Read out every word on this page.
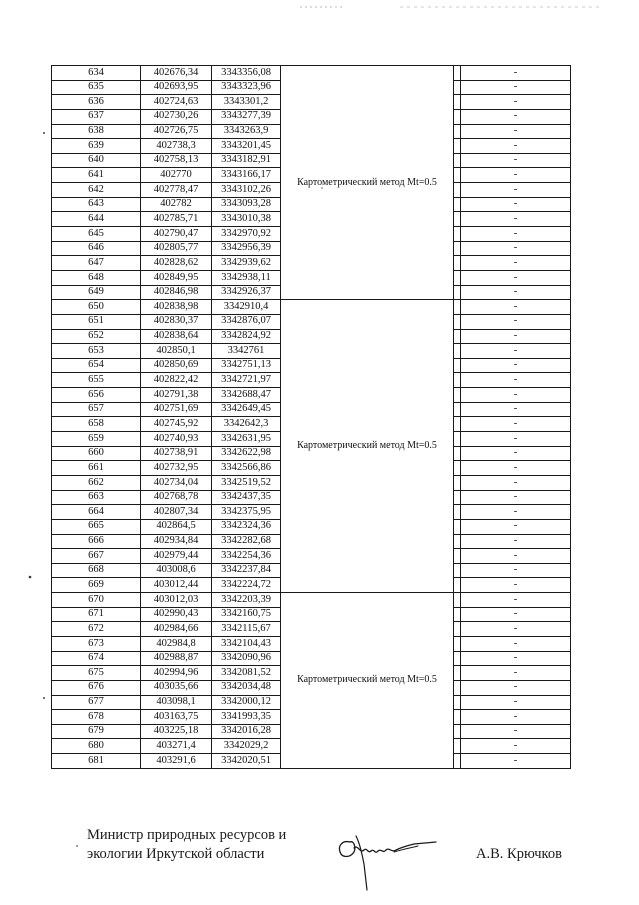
634	402676,34	3343356,08	Картометрический метод Mt=0.5		-
635	402693,95	3343323,96			-
636	402724,63	3343301,2			-
637	402730,26	3343277,39			-
638	402726,75	3343263,9			-
639	402738,3	3343201,45			-
640	402758,13	3343182,91			-
641	402770	3343166,17			-
642	402778,47	3343102,26			-
643	402782	3343093,28			-
644	402785,71	3343010,38			-
645	402790,47	3342970,92			-
646	402805,77	3342956,39			-
647	402828,62	3342939,62			-
648	402849,95	3342938,11			-
649	402846,98	3342926,37			-
650	402838,98	3342910,4	Картометрический метод Mt=0.5		-
651	402830,37	3342876,07			-
652	402838,64	3342824,92			-
653	402850,1	3342761			-
654	402850,69	3342751,13			-
655	402822,42	3342721,97			-
656	402791,38	3342688,47			-
657	402751,69	3342649,45			-
658	402745,92	3342642,3			-
659	402740,93	3342631,95			-
660	402738,91	3342622,98			-
661	402732,95	3342566,86			-
662	402734,04	3342519,52			-
663	402768,78	3342437,35			-
664	402807,34	3342375,95			-
665	402864,5	3342324,36			-
666	402934,84	3342282,68			-
667	402979,44	3342254,36			-
668	403008,6	3342237,84			-
669	403012,44	3342224,72			-
670	403012,03	3342203,39	Картометрический метод Mt=0.5		-
671	402990,43	3342160,75			-
672	402984,66	3342115,67			-
673	402984,8	3342104,43			-
674	402988,87	3342090,96			-
675	402994,96	3342081,52			-
676	403035,66	3342034,48			-
677	403098,1	3342000,12			-
678	403163,75	3341993,35			-
679	403225,18	3342016,28			-
680	403271,4	3342029,2			-
681	403291,6	3342020,51			-
Министр природных ресурсов и
экологии Иркутской области	А.В. Крючков
